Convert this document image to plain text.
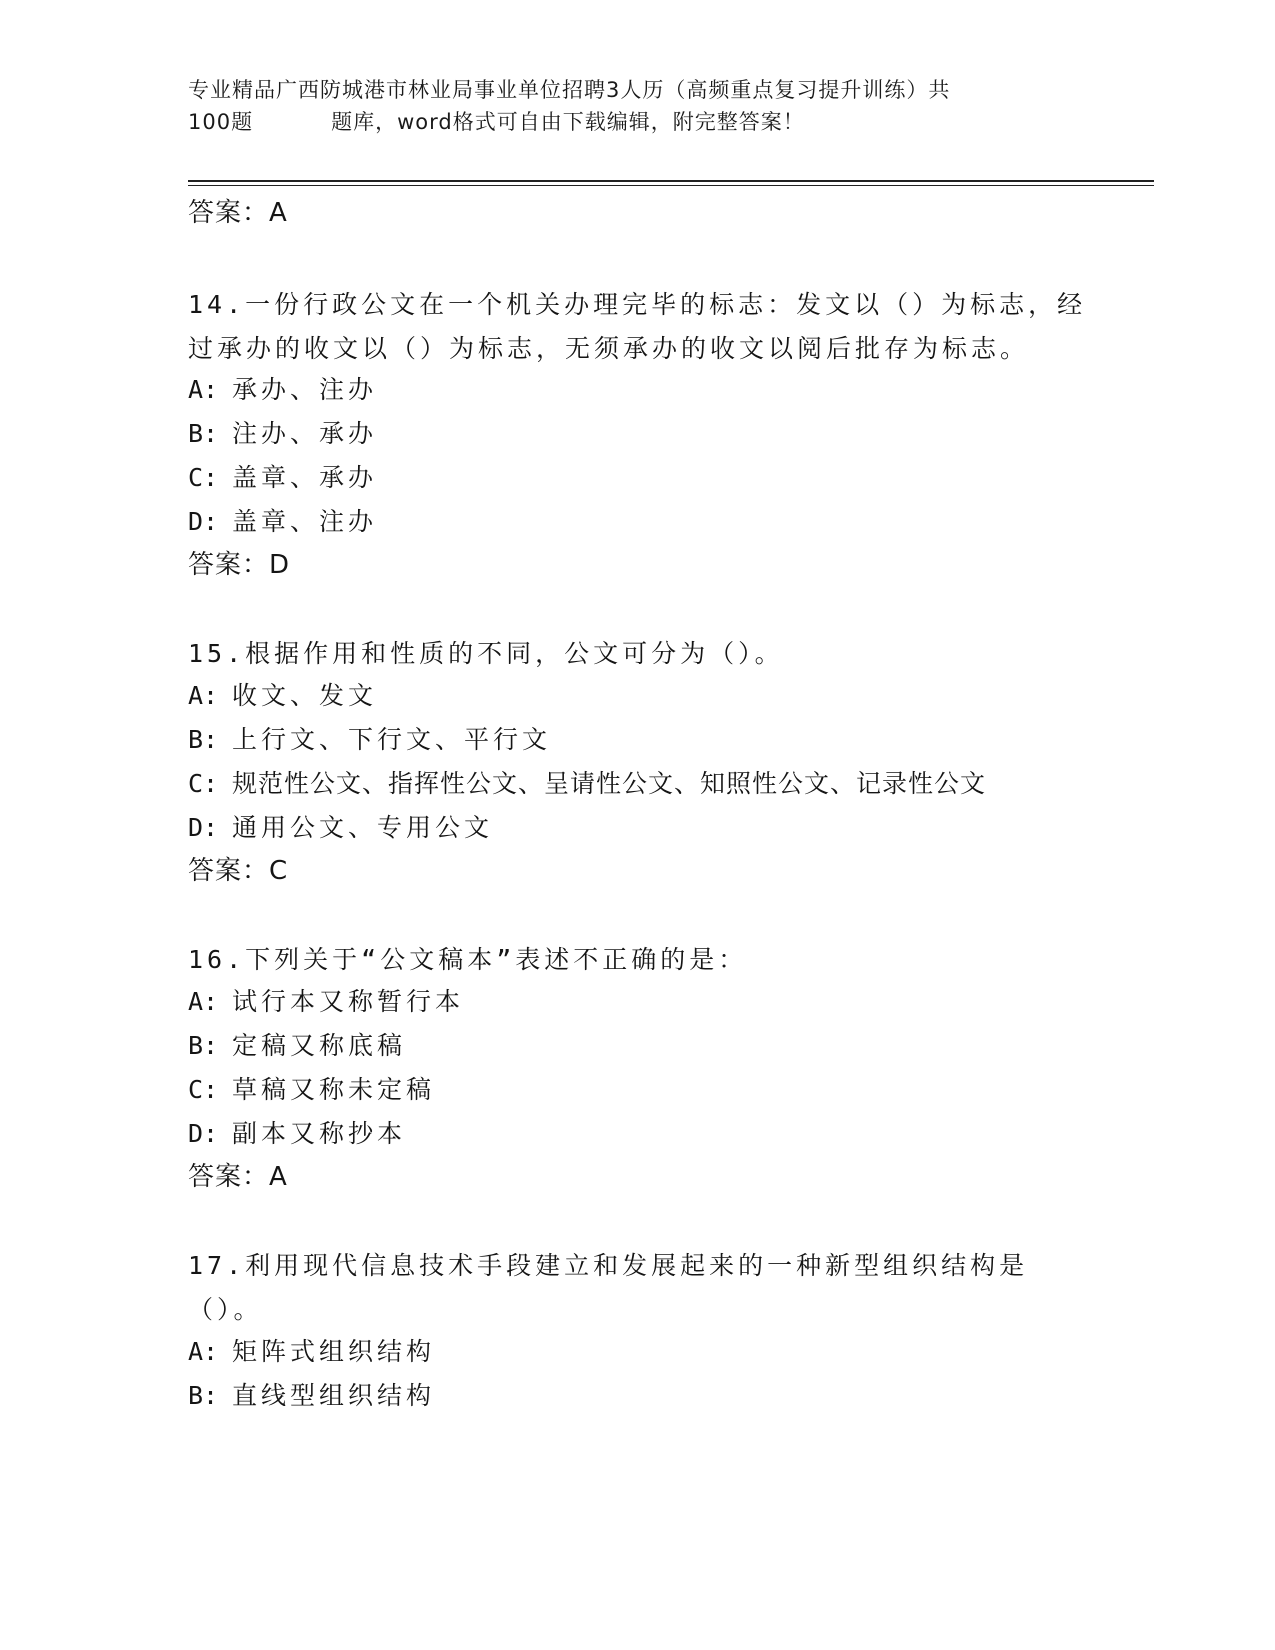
专业精品广西防城港市林业局事业单位招聘3人历（高频重点复习提升训练）共
100题	题库，word格式可自由下载编辑，附完整答案！
答案：A
14.一份行政公文在一个机关办理完毕的标志：发文以（）为标志，经过承办的收文以（）为标志，无须承办的收文以阅后批存为标志。
A: 承办、注办
B: 注办、承办
C: 盖章、承办
D: 盖章、注办
答案：D
15.根据作用和性质的不同，公文可分为（）。
A: 收文、发文
B: 上行文、下行文、平行文
C: 规范性公文、指挥性公文、呈请性公文、知照性公文、记录性公文
D: 通用公文、专用公文
答案：C
16.下列关于“公文稿本”表述不正确的是：
A: 试行本又称暂行本
B: 定稿又称底稿
C: 草稿又称未定稿
D: 副本又称抄本
答案：A
17.利用现代信息技术手段建立和发展起来的一种新型组织结构是（）。
A: 矩阵式组织结构
B: 直线型组织结构
